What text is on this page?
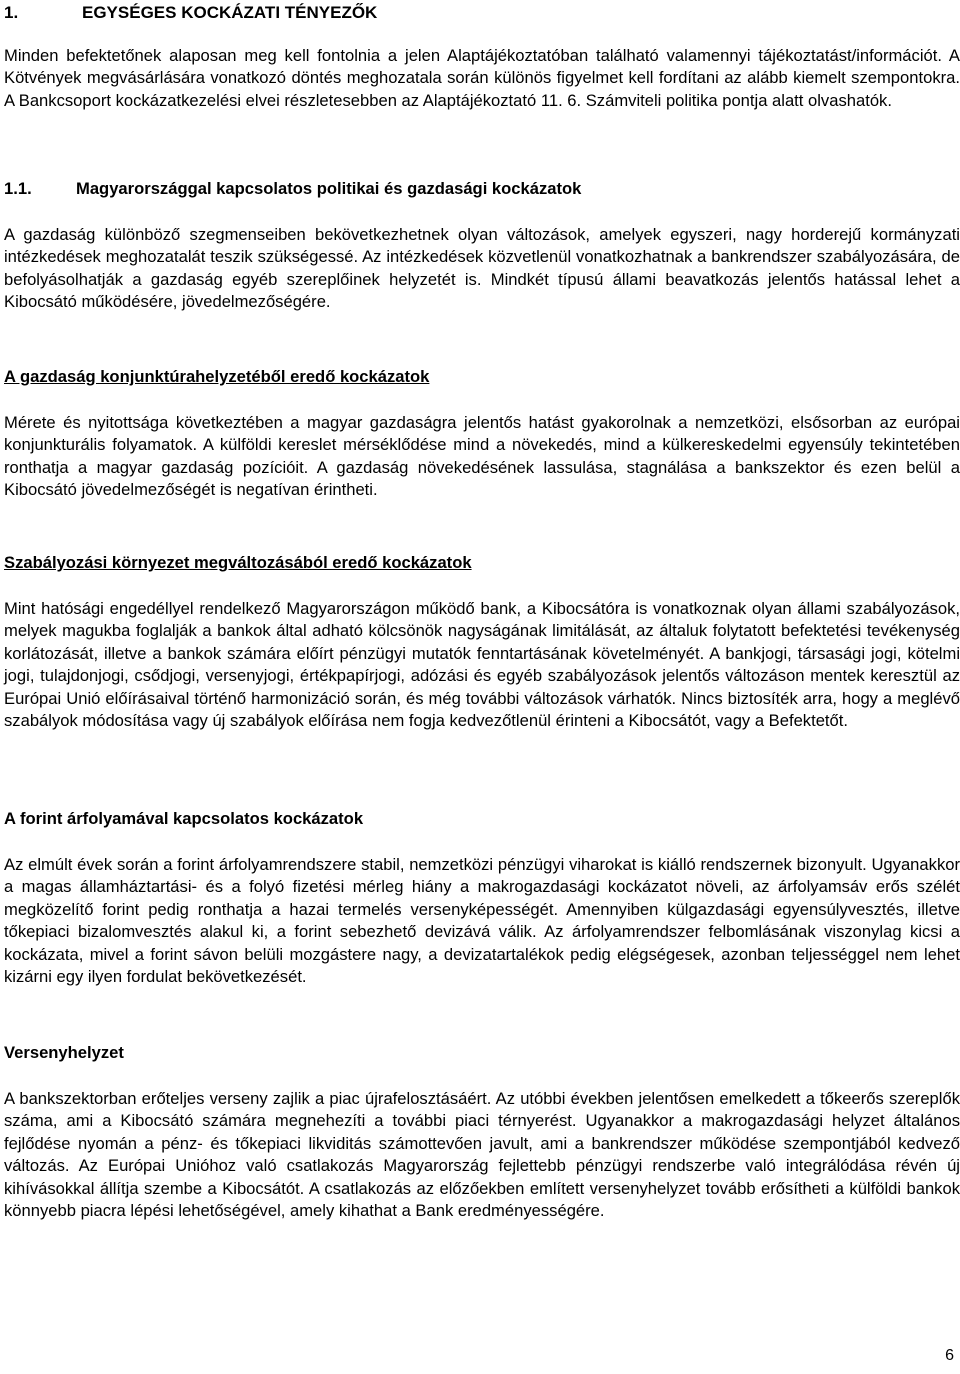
1.	EGYSÉGES KOCKÁZATI TÉNYEZŐK

Minden befektetőnek alaposan meg kell fontolnia a jelen Alaptájékoztatóban található valamennyi tájékoztatást/információt. A Kötvények megvásárlására vonatkozó döntés meghozatala során különös figyelmet kell fordítani az alább kiemelt szempontokra. A Bankcsoport kockázatkezelési elvei részletesebben az Alaptájékoztató 11. 6. Számviteli politika pontja alatt olvashatók.

1.1.	Magyarországgal kapcsolatos politikai és gazdasági kockázatok

A gazdaság különböző szegmenseiben bekövetkezhetnek olyan változások, amelyek egyszeri, nagy horderejű kormányzati intézkedések meghozatalát teszik szükségessé. Az intézkedések közvetlenül vonatkozhatnak a bankrendszer szabályozására, de befolyásolhatják a gazdaság egyéb szereplőinek helyzetét is. Mindkét típusú állami beavatkozás jelentős hatással lehet a Kibocsátó működésére, jövedelmezőségére.

A gazdaság konjunktúrahelyzetéből eredő kockázatok

Mérete és nyitottsága következtében a magyar gazdaságra jelentős hatást gyakorolnak a nemzetközi, elsősorban az európai konjunkturális folyamatok. A külföldi kereslet mérséklődése mind a növekedés, mind a külkereskedelmi egyensúly tekintetében ronthatja a magyar gazdaság pozícióit. A gazdaság növekedésének lassulása, stagnálása a bankszektor és ezen belül a Kibocsátó jövedelmezőségét is negatívan érintheti.

Szabályozási környezet megváltozásából eredő kockázatok

Mint hatósági engedéllyel rendelkező Magyarországon működő bank, a Kibocsátóra is vonatkoznak olyan állami szabályozások, melyek magukba foglalják a bankok által adható kölcsönök nagyságának limitálását, az általuk folytatott befektetési tevékenység korlátozását, illetve a bankok számára előírt pénzügyi mutatók fenntartásának követelményét. A bankjogi, társasági jogi, kötelmi jogi, tulajdonjogi, csődjogi, versenyjogi, értékpapírjogi, adózási és egyéb szabályozások jelentős változáson mentek keresztül az Európai Unió előírásaival történő harmonizáció során, és még további változások várhatók. Nincs biztosíték arra, hogy a meglévő szabályok módosítása vagy új szabályok előírása nem fogja kedvezőtlenül érinteni a Kibocsátót, vagy a Befektetőt.

A forint árfolyamával kapcsolatos kockázatok

Az elmúlt évek során a forint árfolyamrendszere stabil, nemzetközi pénzügyi viharokat is kiálló rendszernek bizonyult. Ugyanakkor a magas államháztartási- és a folyó fizetési mérleg hiány a makrogazdasági kockázatot növeli, az árfolyamsáv erős szélét megközelítő forint pedig ronthatja a hazai termelés versenyképességét. Amennyiben külgazdasági egyensúlyvesztés, illetve tőkepiaci bizalomvesztés alakul ki, a forint sebezhető devizává válik. Az árfolyamrendszer felbomlásának viszonylag kicsi a kockázata, mivel a forint sávon belüli mozgástere nagy, a devizatartalékok pedig elégségesek, azonban teljességgel nem lehet kizárni egy ilyen fordulat bekövetkezését.

Versenyhelyzet

A bankszektorban erőteljes verseny zajlik a piac újrafelosztásáért. Az utóbbi években jelentősen emelkedett a tőkeerős szereplők száma, ami a Kibocsátó számára megnehezíti a további piaci térnyerést. Ugyanakkor a makrogazdasági helyzet általános fejlődése nyomán a pénz- és tőkepiaci likviditás számottevően javult, ami a bankrendszer működése szempontjából kedvező változás. Az Európai Unióhoz való csatlakozás Magyarország fejlettebb pénzügyi rendszerbe való integrálódása révén új kihívásokkal állítja szembe a Kibocsátót. A csatlakozás az előzőekben említett versenyhelyzet tovább erősítheti a külföldi bankok könnyebb piacra lépési lehetőségével, amely kihathat a Bank eredményességére.

6
